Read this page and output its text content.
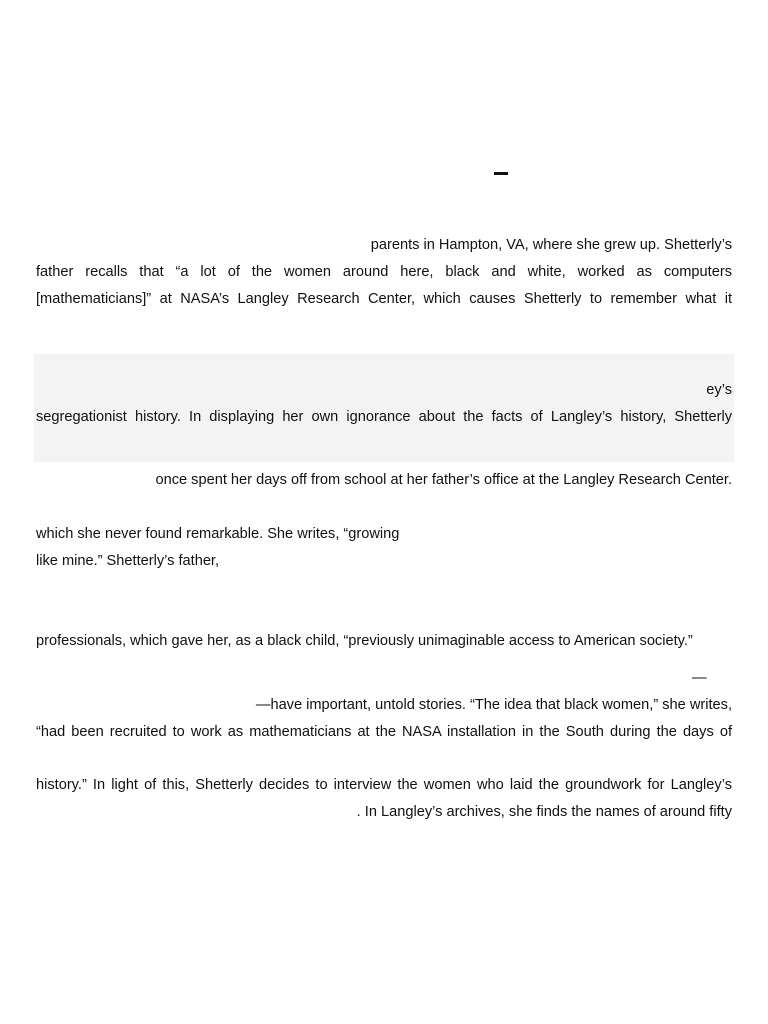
parents in Hampton, VA, where she grew up. Shetterly’s
father recalls that “a lot of the women around here, black and white, worked as computers
[mathematicians]” at NASA’s Langley Research Center, which causes Shetterly to remember what it
ey’s
segregationist history. In displaying her own ignorance about the facts of Langley’s history, Shetterly
once spent her days off from school at her father’s office at the Langley Research Center.
which she never found remarkable. She writes, “growing
like mine.” Shetterly’s father,
professionals, which gave her, as a black child, “previously unimaginable access to American society.”
—
—have important, untold stories. “The idea that black women,” she writes,
“had been recruited to work as mathematicians at the NASA installation in the South during the days of
history.” In light of this, Shetterly decides to interview the women who laid the groundwork for Langley’s
. In Langley’s archives, she finds the names of around fifty
